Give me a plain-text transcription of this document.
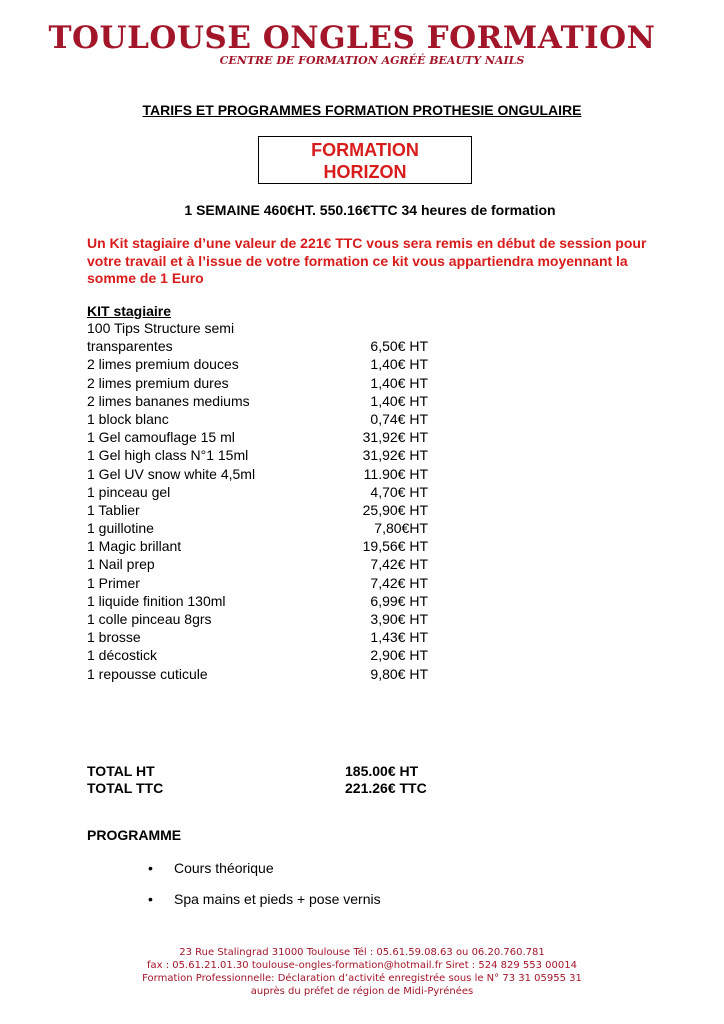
TOULOUSE ONGLES FORMATION
CENTRE DE FORMATION AGRÉÉ BEAUTY NAILS
TARIFS ET PROGRAMMES FORMATION PROTHESIE ONGULAIRE
FORMATION
HORIZON
1 SEMAINE 460€HT. 550.16€TTC 34 heures de formation
Un Kit stagiaire d’une valeur de 221€ TTC vous sera remis en début de session pour votre travail et à l’issue de votre formation ce kit vous appartiendra moyennant la somme de 1 Euro
KIT stagiaire
100 Tips Structure semi transparentes	6,50€ HT
2 limes premium douces	1,40€ HT
2 limes premium dures	1,40€ HT
2 limes bananes mediums	1,40€ HT
1 block blanc	0,74€ HT
1 Gel camouflage 15 ml	31,92€ HT
1 Gel high class N°1 15ml	31,92€ HT
1 Gel UV snow white 4,5ml	11.90€ HT
1 pinceau gel	4,70€ HT
1 Tablier	25,90€ HT
1 guillotine	7,80€HT
1 Magic brillant	19,56€ HT
1 Nail prep	7,42€ HT
1 Primer	7,42€ HT
1 liquide finition 130ml	6,99€ HT
1 colle pinceau 8grs	3,90€ HT
1 brosse	1,43€ HT
1 décostick	2,90€ HT
1 repousse cuticule	9,80€ HT
TOTAL HT	185.00€ HT
TOTAL TTC	221.26€ TTC
PROGRAMME
• Cours théorique
• Spa mains et pieds + pose vernis
23 Rue Stalingrad 31000 Toulouse Tél : 05.61.59.08.63 ou 06.20.760.781
fax : 05.61.21.01.30 toulouse-ongles-formation@hotmail.fr Siret : 524 829 553 00014
Formation Professionnelle: Déclaration d’activité enregistrée sous le N° 73 31 05955 31
auprès du préfet de région de Midi-Pyrénées
